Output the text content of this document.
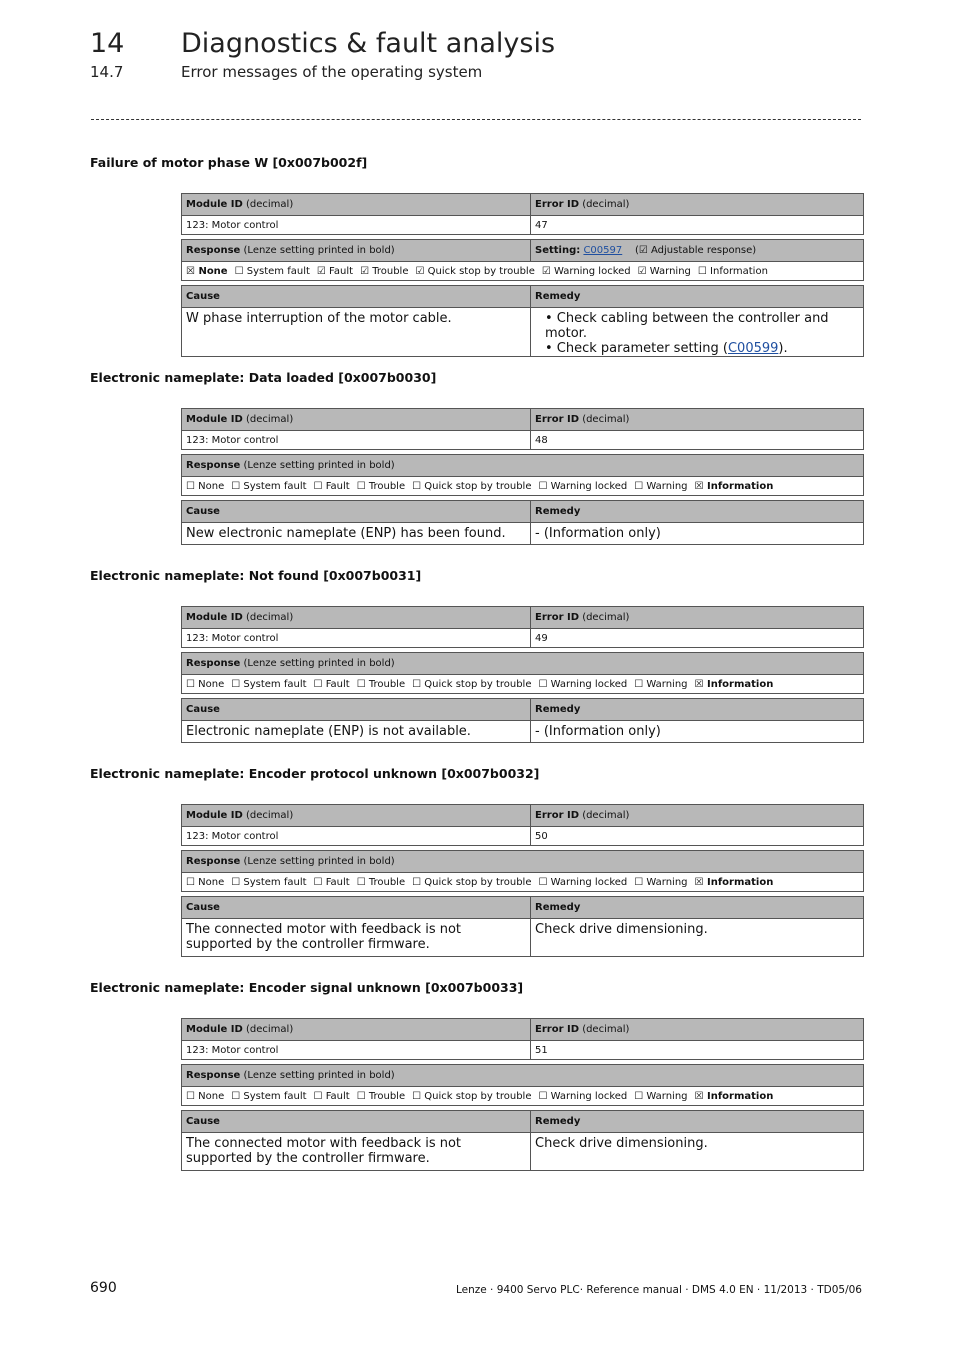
14 Diagnostics & fault analysis
14.7	Error messages of the operating system
Failure of motor phase W [0x007b002f]
Module ID (decimal)	Error ID (decimal)
123: Motor control	47
Response (Lenze setting printed in bold)	Setting: C00597 (☑ Adjustable response)
☒ None ☐ System fault ☑ Fault ☑ Trouble ☑ Quick stop by trouble ☑ Warning locked ☑ Warning ☐ Information
Cause	Remedy
W phase interruption of the motor cable.	• Check cabling between the controller and motor.
• Check parameter setting (C00599).
Electronic nameplate: Data loaded [0x007b0030]
Module ID (decimal)	Error ID (decimal)
123: Motor control	48
Response (Lenze setting printed in bold)
☐ None ☐ System fault ☐ Fault ☐ Trouble ☐ Quick stop by trouble ☐ Warning locked ☐ Warning ☒ Information
Cause	Remedy
New electronic nameplate (ENP) has been found.	- (Information only)
Electronic nameplate: Not found [0x007b0031]
Module ID (decimal)	Error ID (decimal)
123: Motor control	49
Response (Lenze setting printed in bold)
☐ None ☐ System fault ☐ Fault ☐ Trouble ☐ Quick stop by trouble ☐ Warning locked ☐ Warning ☒ Information
Cause	Remedy
Electronic nameplate (ENP) is not available.	- (Information only)
Electronic nameplate: Encoder protocol unknown [0x007b0032]
Module ID (decimal)	Error ID (decimal)
123: Motor control	50
Response (Lenze setting printed in bold)
☐ None ☐ System fault ☐ Fault ☐ Trouble ☐ Quick stop by trouble ☐ Warning locked ☐ Warning ☒ Information
Cause	Remedy
The connected motor with feedback is not supported by the controller firmware.	Check drive dimensioning.
Electronic nameplate: Encoder signal unknown [0x007b0033]
Module ID (decimal)	Error ID (decimal)
123: Motor control	51
Response (Lenze setting printed in bold)
☐ None ☐ System fault ☐ Fault ☐ Trouble ☐ Quick stop by trouble ☐ Warning locked ☐ Warning ☒ Information
Cause	Remedy
The connected motor with feedback is not supported by the controller firmware.	Check drive dimensioning.
690	Lenze · 9400 Servo PLC· Reference manual · DMS 4.0 EN · 11/2013 · TD05/06
